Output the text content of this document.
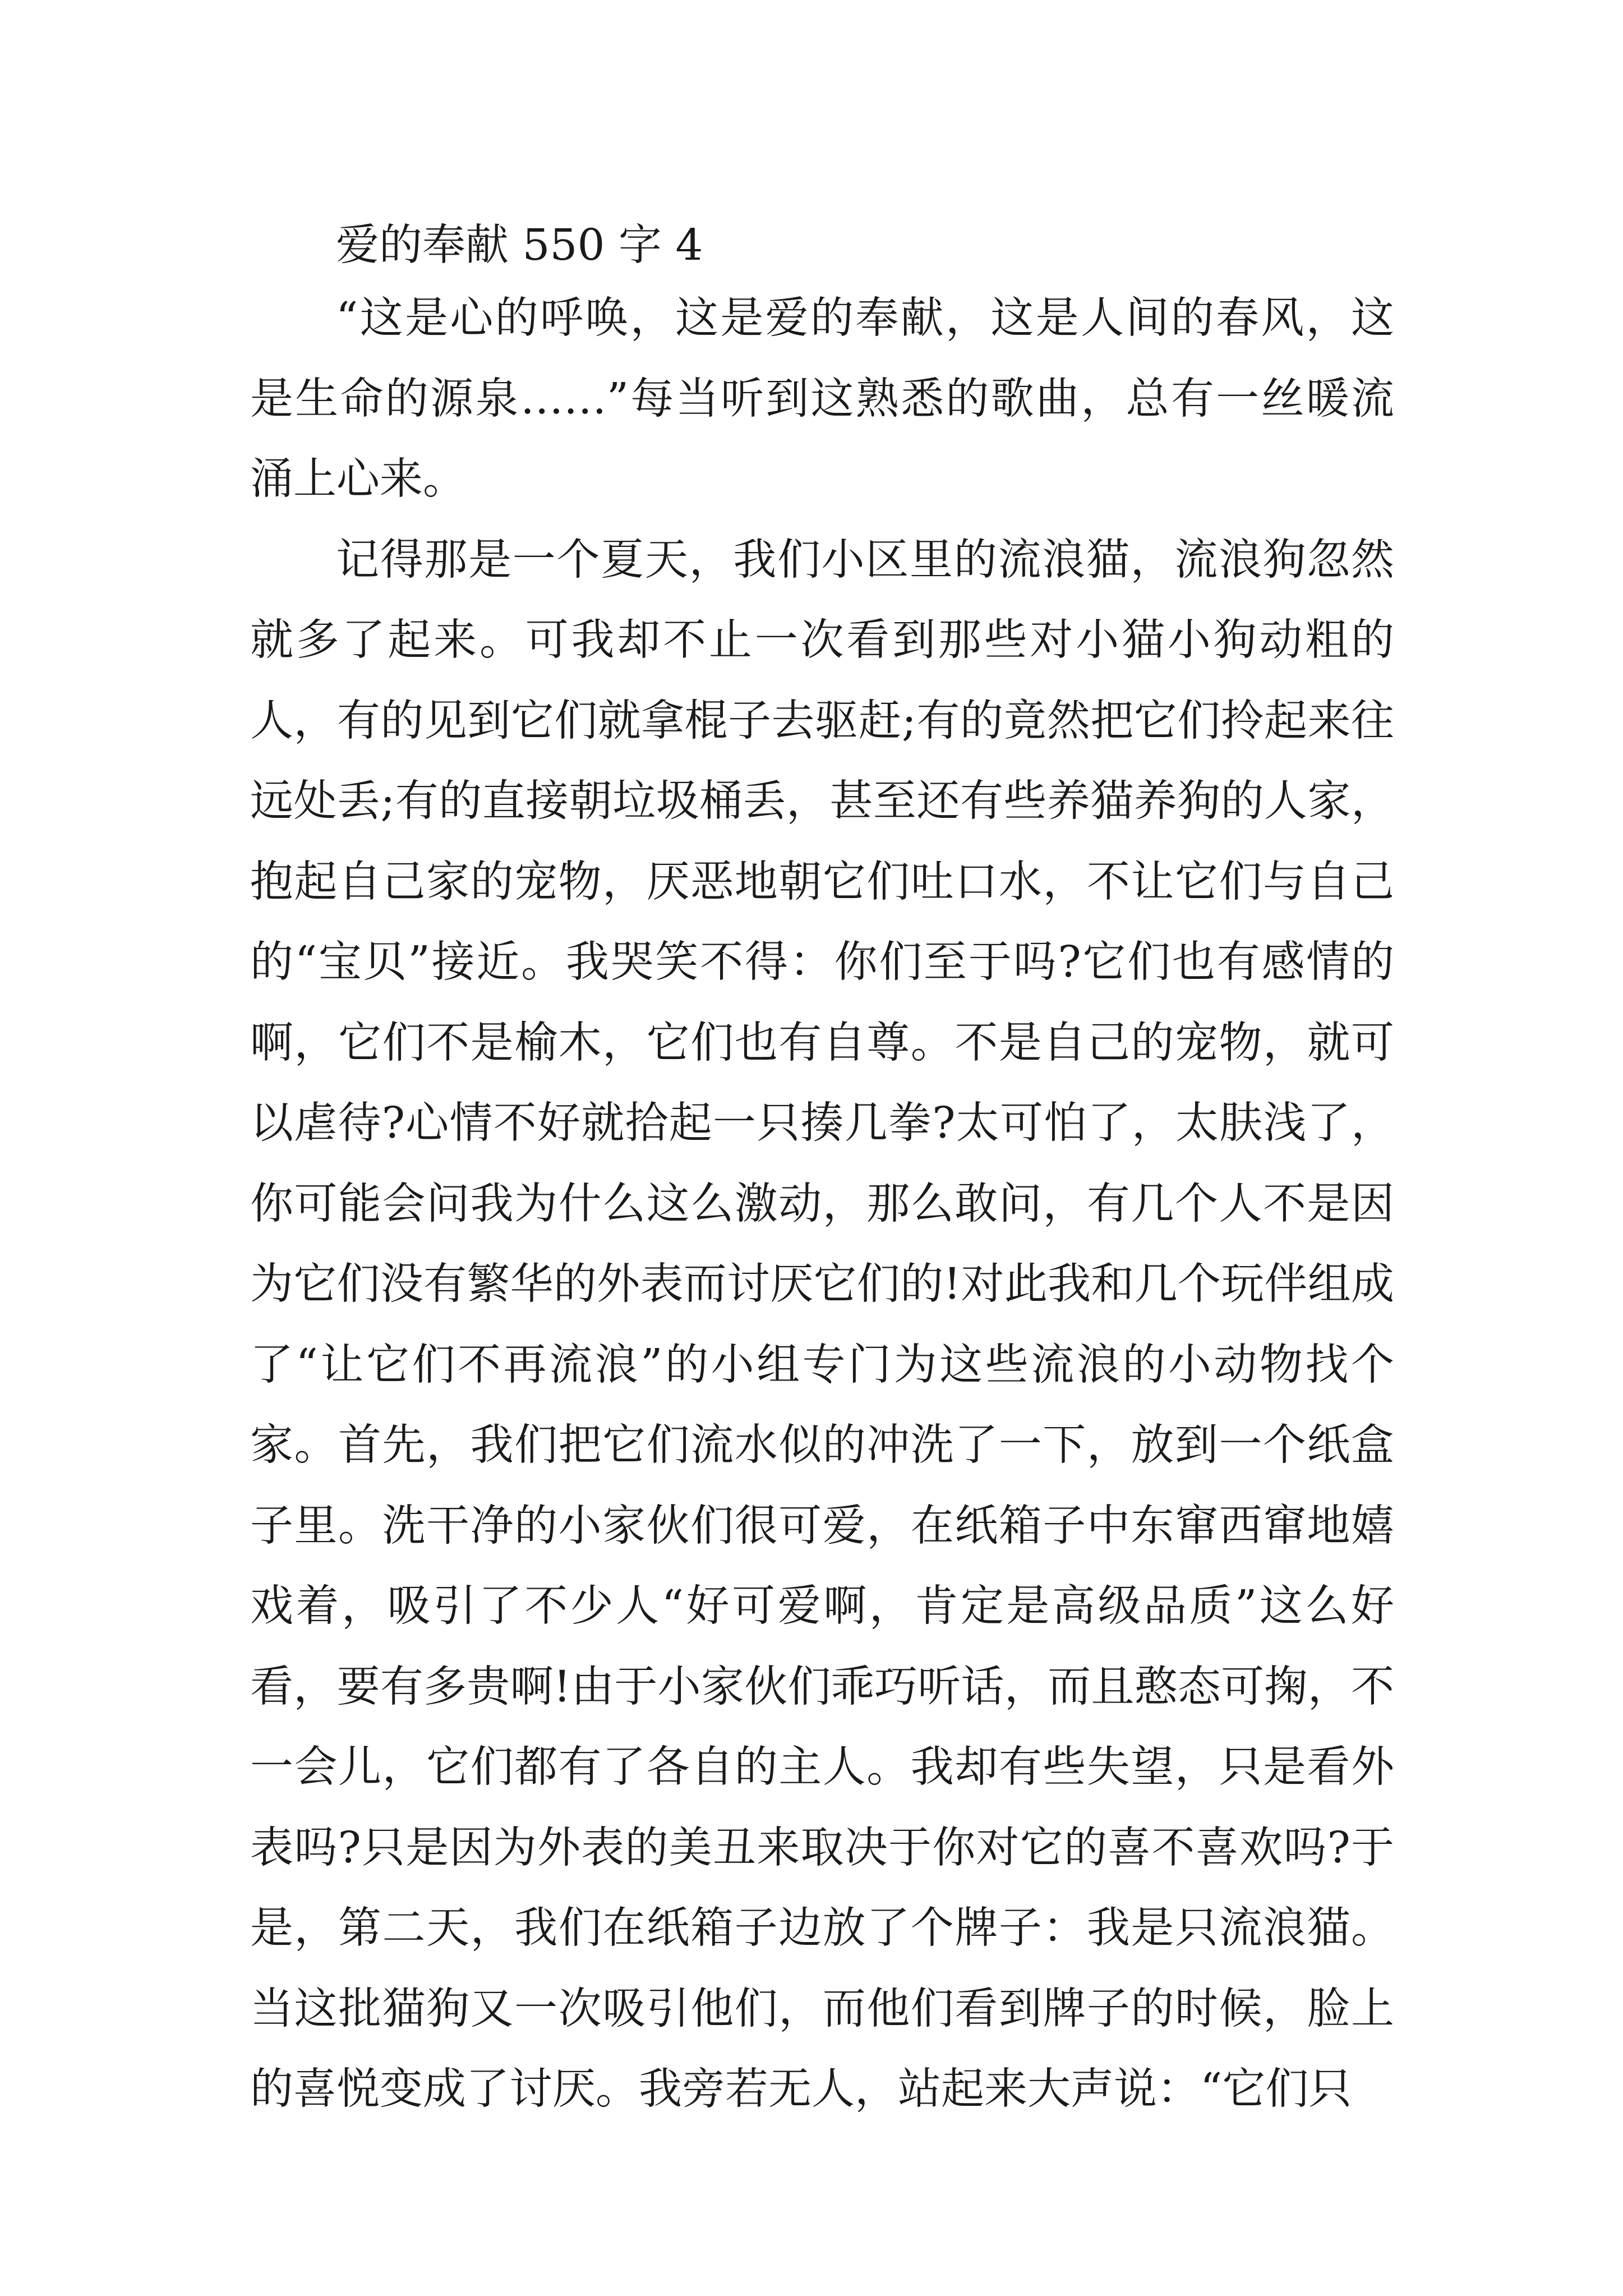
爱的奉献 550 字 4

“这是心的呼唤，这是爱的奉献，这是人间的春风，这是生命的源泉……”每当听到这熟悉的歌曲，总有一丝暖流涌上心来。

记得那是一个夏天，我们小区里的流浪猫，流浪狗忽然就多了起来。可我却不止一次看到那些对小猫小狗动粗的人，有的见到它们就拿棍子去驱赶;有的竟然把它们拎起来往远处丢;有的直接朝垃圾桶丢，甚至还有些养猫养狗的人家，抱起自己家的宠物，厌恶地朝它们吐口水，不让它们与自己的“宝贝”接近。我哭笑不得：你们至于吗?它们也有感情的啊，它们不是榆木，它们也有自尊。不是自己的宠物，就可以虐待?心情不好就拾起一只揍几拳?太可怕了，太肤浅了，你可能会问我为什么这么激动，那么敢问，有几个人不是因为它们没有繁华的外表而讨厌它们的!对此我和几个玩伴组成了“让它们不再流浪”的小组专门为这些流浪的小动物找个家。首先，我们把它们流水似的冲洗了一下，放到一个纸盒子里。洗干净的小家伙们很可爱，在纸箱子中东窜西窜地嬉戏着，吸引了不少人“好可爱啊，肯定是高级品质”这么好看，要有多贵啊!由于小家伙们乖巧听话，而且憨态可掬，不一会儿，它们都有了各自的主人。我却有些失望，只是看外表吗?只是因为外表的美丑来取决于你对它的喜不喜欢吗?于是，第二天，我们在纸箱子边放了个牌子：我是只流浪猫。当这批猫狗又一次吸引他们，而他们看到牌子的时候，脸上的喜悦变成了讨厌。我旁若无人，站起来大声说：“它们只
